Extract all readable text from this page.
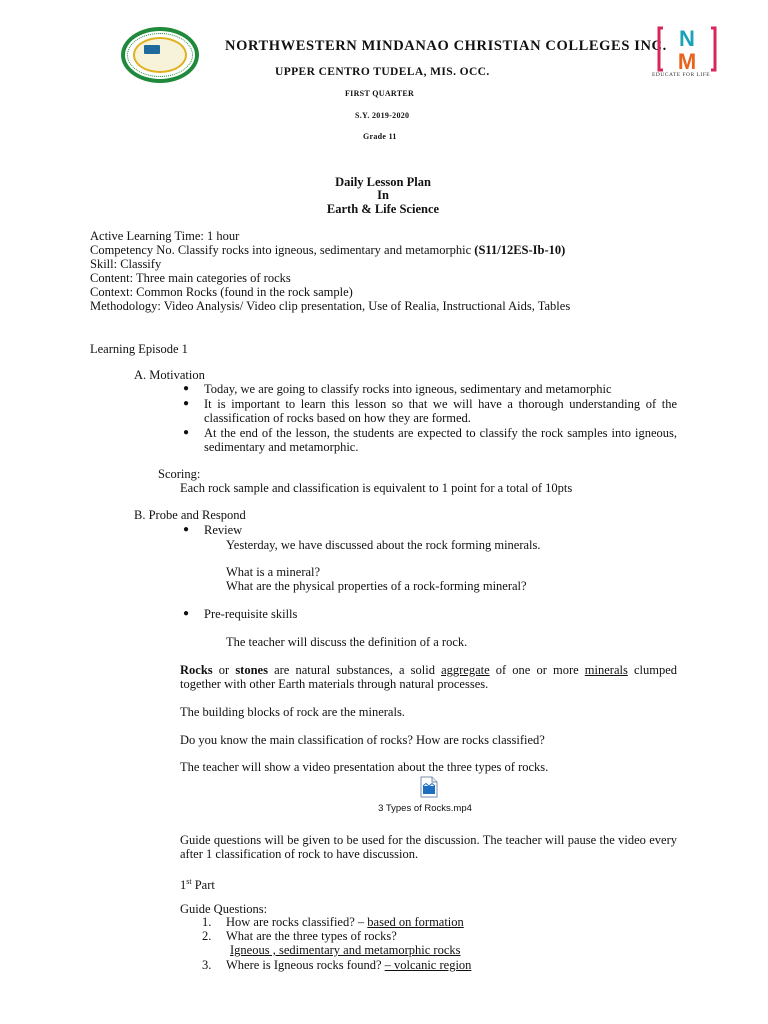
NORTHWESTERN MINDANAO CHRISTIAN COLLEGES INC.
UPPER CENTRO TUDELA, MIS. OCC.
N
M
EDUCATE FOR LIFE
FIRST QUARTER
S.Y. 2019-2020
Grade 11
Daily Lesson Plan
In
Earth & Life Science
Active Learning Time: 1 hour
Competency No. Classify rocks into igneous, sedimentary and metamorphic (S11/12ES-Ib-10)
Skill: Classify
Content: Three main categories of rocks
Context: Common Rocks (found in the rock sample)
Methodology: Video Analysis/ Video clip presentation, Use of Realia, Instructional Aids, Tables
Learning Episode 1
A. Motivation
● Today, we are going to classify rocks into igneous, sedimentary and metamorphic
● It is important to learn this lesson so that we will have a thorough understanding of the classification of rocks based on how they are formed.
● At the end of the lesson, the students are expected to classify the rock samples into igneous, sedimentary and metamorphic.
Scoring:
Each rock sample and classification is equivalent to 1 point for a total of 10pts
B. Probe and Respond
● Review
Yesterday, we have discussed about the rock forming minerals.
What is a mineral?
What are the physical properties of a rock-forming mineral?
● Pre-requisite skills
The teacher will discuss the definition of a rock.
Rocks or stones are natural substances, a solid aggregate of one or more minerals clumped together with other Earth materials through natural processes.
The building blocks of rock are the minerals.
Do you know the main classification of rocks? How are rocks classified?
The teacher will show a video presentation about the three types of rocks.
3 Types of Rocks.mp4
Guide questions will be given to be used for the discussion. The teacher will pause the video every after 1 classification of rock to have discussion.
1st Part
Guide Questions:
1. How are rocks classified? – based on formation
2. What are the three types of rocks?
Igneous , sedimentary and metamorphic rocks
3. Where is Igneous rocks found? – volcanic region
